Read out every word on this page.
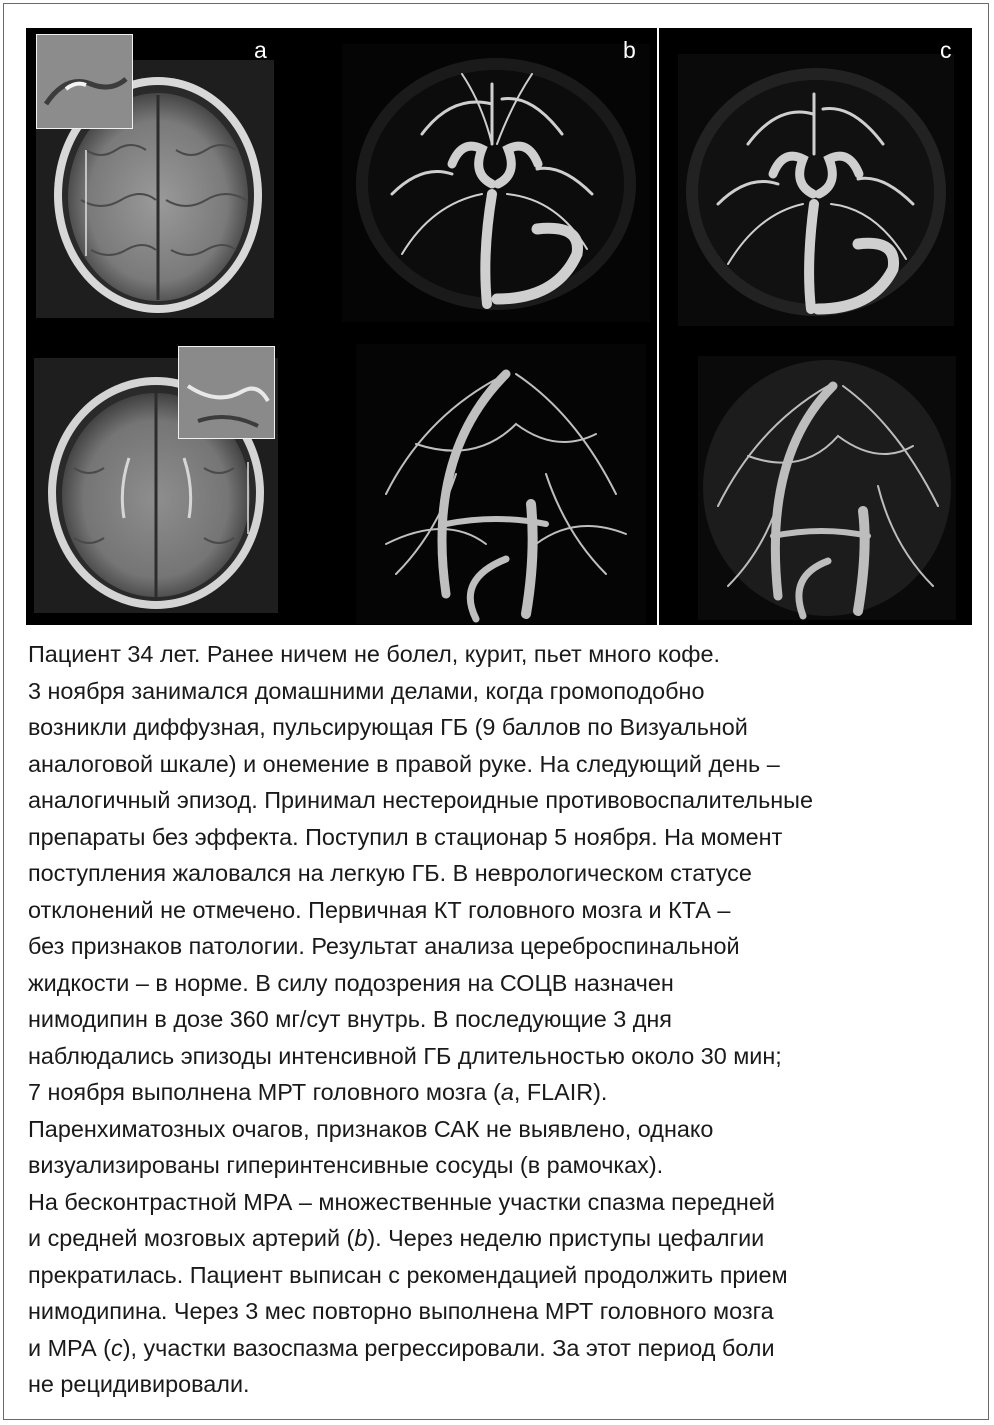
a	b	c

Пациент 34 лет. Ранее ничем не болел, курит, пьет много кофе.

3 ноября занимался домашними делами, когда громоподобно

возникли диффузная, пульсирующая ГБ (9 баллов по Визуальной

аналоговой шкале) и онемение в правой руке. На следующий день –

аналогичный эпизод. Принимал нестероидные противовоспалительные

препараты без эффекта. Поступил в стационар 5 ноября. На момент

поступления жаловался на легкую ГБ. В неврологическом статусе

отклонений не отмечено. Первичная КТ головного мозга и КТА –

без признаков патологии. Результат анализа цереброспинальной

жидкости – в норме. В силу подозрения на СОЦВ назначен

нимодипин в дозе 360 мг/сут внутрь. В последующие 3 дня

наблюдались эпизоды интенсивной ГБ длительностью около 30 мин;

7 ноября выполнена МРТ головного мозга (a, FLAIR).

Паренхиматозных очагов, признаков САК не выявлено, однако

визуализированы гиперинтенсивные сосуды (в рамочках).

На бесконтрастной МРА – множественные участки спазма передней

и средней мозговых артерий (b). Через неделю приступы цефалгии

прекратилась. Пациент выписан с рекомендацией продолжить прием

нимодипина. Через 3 мес повторно выполнена МРТ головного мозга

и МРА (c), участки вазоспазма регрессировали. За этот период боли

не рецидивировали.
